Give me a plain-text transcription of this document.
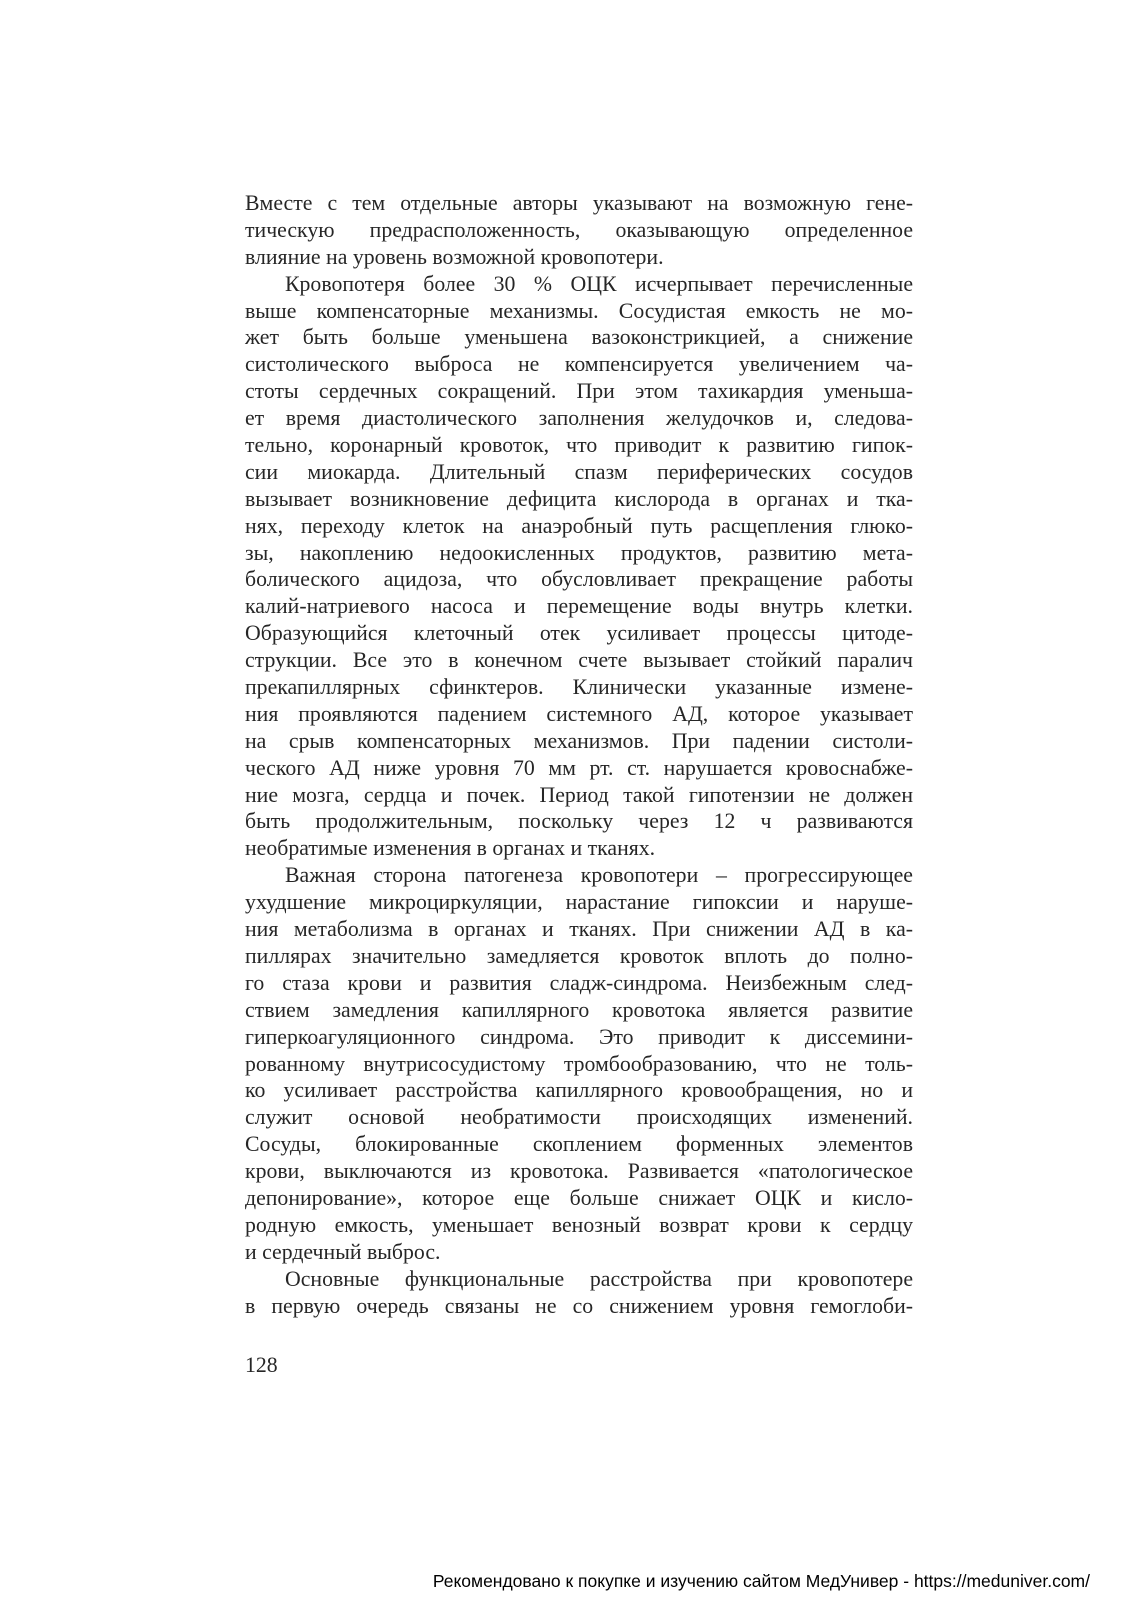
Вместе с тем отдельные авторы указывают на возможную гене-
тическую предрасположенность, оказывающую определенное
влияние на уровень возможной кровопотери.
Кровопотеря более 30 % ОЦК исчерпывает перечисленные
выше компенсаторные механизмы. Сосудистая емкость не мо-
жет быть больше уменьшена вазоконстрикцией, а снижение
систолического выброса не компенсируется увеличением ча-
стоты сердечных сокращений. При этом тахикардия уменьша-
ет время диастолического заполнения желудочков и, следова-
тельно, коронарный кровоток, что приводит к развитию гипок-
сии миокарда. Длительный спазм периферических сосудов
вызывает возникновение дефицита кислорода в органах и тка-
нях, переходу клеток на анаэробный путь расщепления глюко-
зы, накоплению недоокисленных продуктов, развитию мета-
болического ацидоза, что обусловливает прекращение работы
калий-натриевого насоса и перемещение воды внутрь клетки.
Образующийся клеточный отек усиливает процессы цитоде-
струкции. Все это в конечном счете вызывает стойкий паралич
прекапиллярных сфинктеров. Клинически указанные измене-
ния проявляются падением системного АД, которое указывает
на срыв компенсаторных механизмов. При падении систоли-
ческого АД ниже уровня 70 мм рт. ст. нарушается кровоснабже-
ние мозга, сердца и почек. Период такой гипотензии не должен
быть продолжительным, поскольку через 12 ч развиваются
необратимые изменения в органах и тканях.
Важная сторона патогенеза кровопотери – прогрессирующее
ухудшение микроциркуляции, нарастание гипоксии и наруше-
ния метаболизма в органах и тканях. При снижении АД в ка-
пиллярах значительно замедляется кровоток вплоть до полно-
го стаза крови и развития сладж-синдрома. Неизбежным след-
ствием замедления капиллярного кровотока является развитие
гиперкоагуляционного синдрома. Это приводит к диссемини-
рованному внутрисосудистому тромбообразованию, что не толь-
ко усиливает расстройства капиллярного кровообращения, но и
служит основой необратимости происходящих изменений.
Сосуды, блокированные скоплением форменных элементов
крови, выключаются из кровотока. Развивается «патологическое
депонирование», которое еще больше снижает ОЦК и кисло-
родную емкость, уменьшает венозный возврат крови к сердцу
и сердечный выброс.
Основные функциональные расстройства при кровопотере
в первую очередь связаны не со снижением уровня гемоглоби-
128
Рекомендовано к покупке и изучению сайтом МедУнивер - https://meduniver.com/
